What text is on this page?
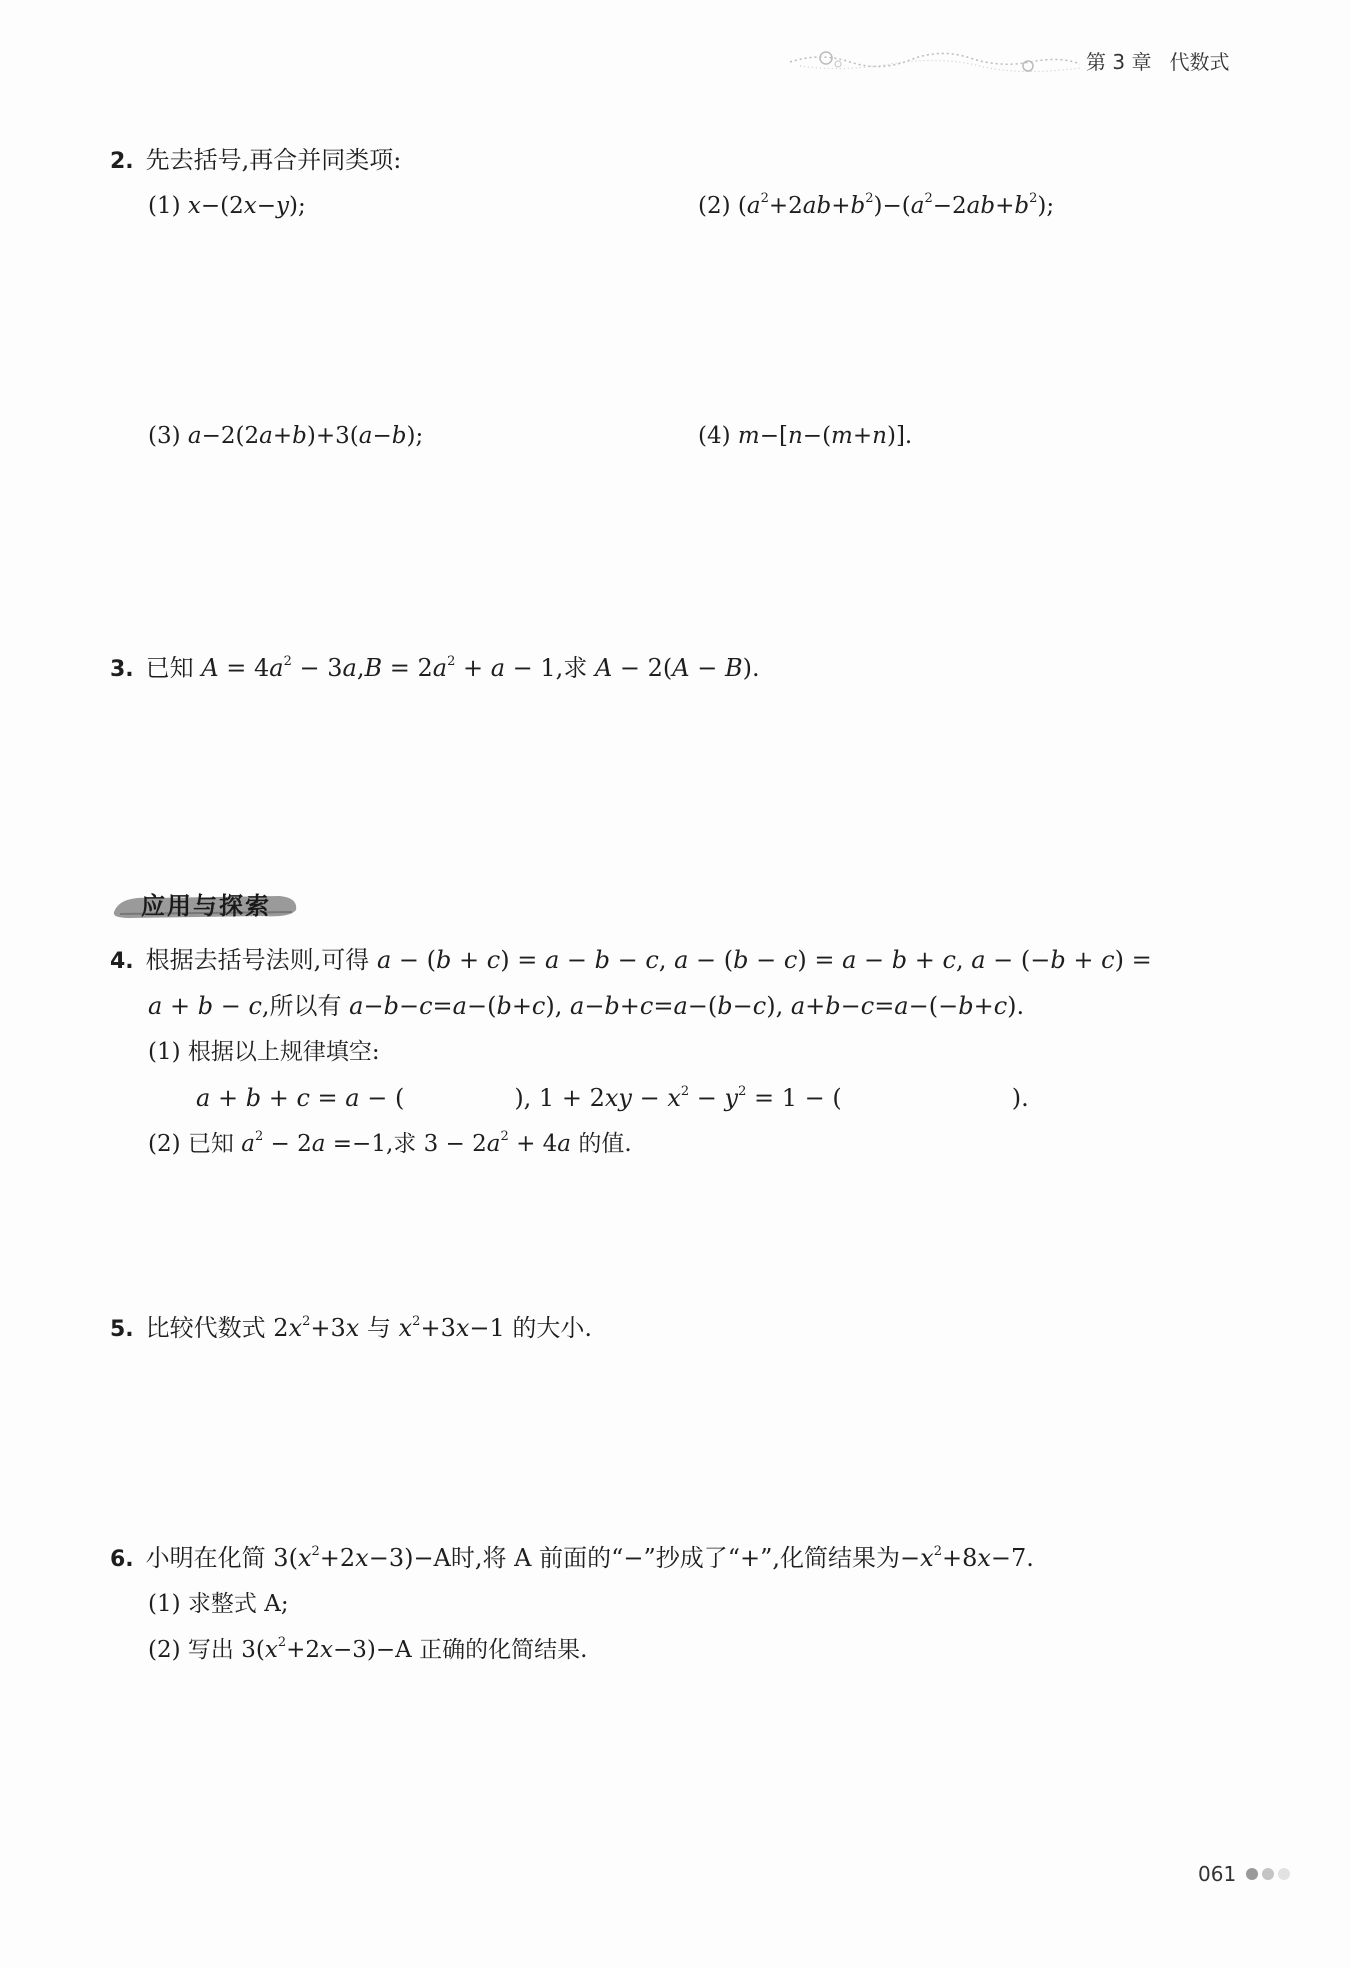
第 3 章 代数式
2. 先去括号,再合并同类项:
(1) x−(2x−y);	(2) $(a^2+2ab+b^2)-(a^2-2ab+b^2)$;
(3) a−2(2a+b)+3(a−b);	(4) m−[n−(m+n)].
3. 已知 $A = 4a^2 - 3a,B = 2a^2 + a - 1$,求 A − 2(A − B).
应用与探索
4. 根据去括号法则,可得 a − (b + c) = a − b − c, a − (b − c) = a − b + c, a − (−b + c) =
a + b − c,所以有 a−b−c=a−(b+c), a−b+c=a−(b−c), a+b−c=a−(−b+c).
(1) 根据以上规律填空:
a + b + c = a − (	), $1 + 2xy - x^2 - y^2 = 1$ − (	).
(2) 已知 $a^2 - 2a =-1$,求 $3 - 2a^2 + 4a$ 的值.
5. 比较代数式 $2x^2+3x$ 与 $x^2+3x-1$ 的大小.
6. 小明在化简 $3(x^2+2x-3)-A$时,将 A 前面的“−”抄成了“+”,化简结果为$-x^2+8x-7$.
(1) 求整式 A;
(2) 写出 $3(x^2+2x-3)-A$ 正确的化简结果.
061
